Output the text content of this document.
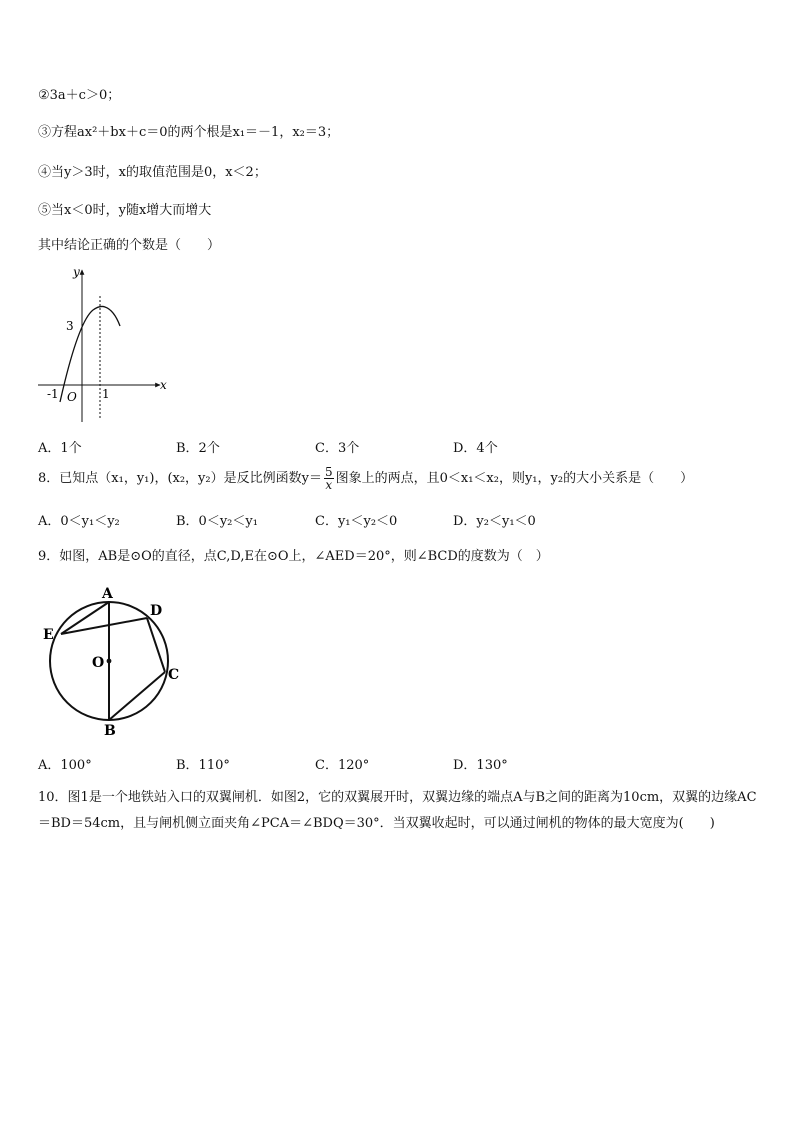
②3a＋c＞0；
③方程ax²＋bx＋c＝0的两个根是x₁＝－1，x₂＝3；
④当y＞3时，x的取值范围是0，x＜2；
⑤当x＜0时，y随x增大而增大
其中结论正确的个数是（　　）
y
x
3
-1 O 1
A．1个	B．2个	C．3个	D．4个
8．已知点（x₁，y₁)，(x₂，y₂）是反比例函数$y= \frac{5}{x}$ 图象上的两点，且0＜x₁＜x₂，则y₁，y₂的大小关系是（　　）
A．0＜y₁＜y₂	B．0＜y₂＜y₁	C．y₁＜y₂＜0	D．y₂＜y₁＜0
9．如图，AB是⊙O的直径，点C,D,E在⊙O上，∠AED＝20°，则∠BCD的度数为（　）
A
D
E
O
C
B
A．100°	B．110°	C．120°	D．130°
10．图1是一个地铁站入口的双翼闸机．如图2，它的双翼展开时，双翼边缘的端点A与B之间的距离为10cm，双翼的边缘AC＝BD＝54cm，且与闸机侧立面夹角∠PCA＝∠BDQ＝30°．当双翼收起时，可以通过闸机的物体的最大宽度为(　　)
